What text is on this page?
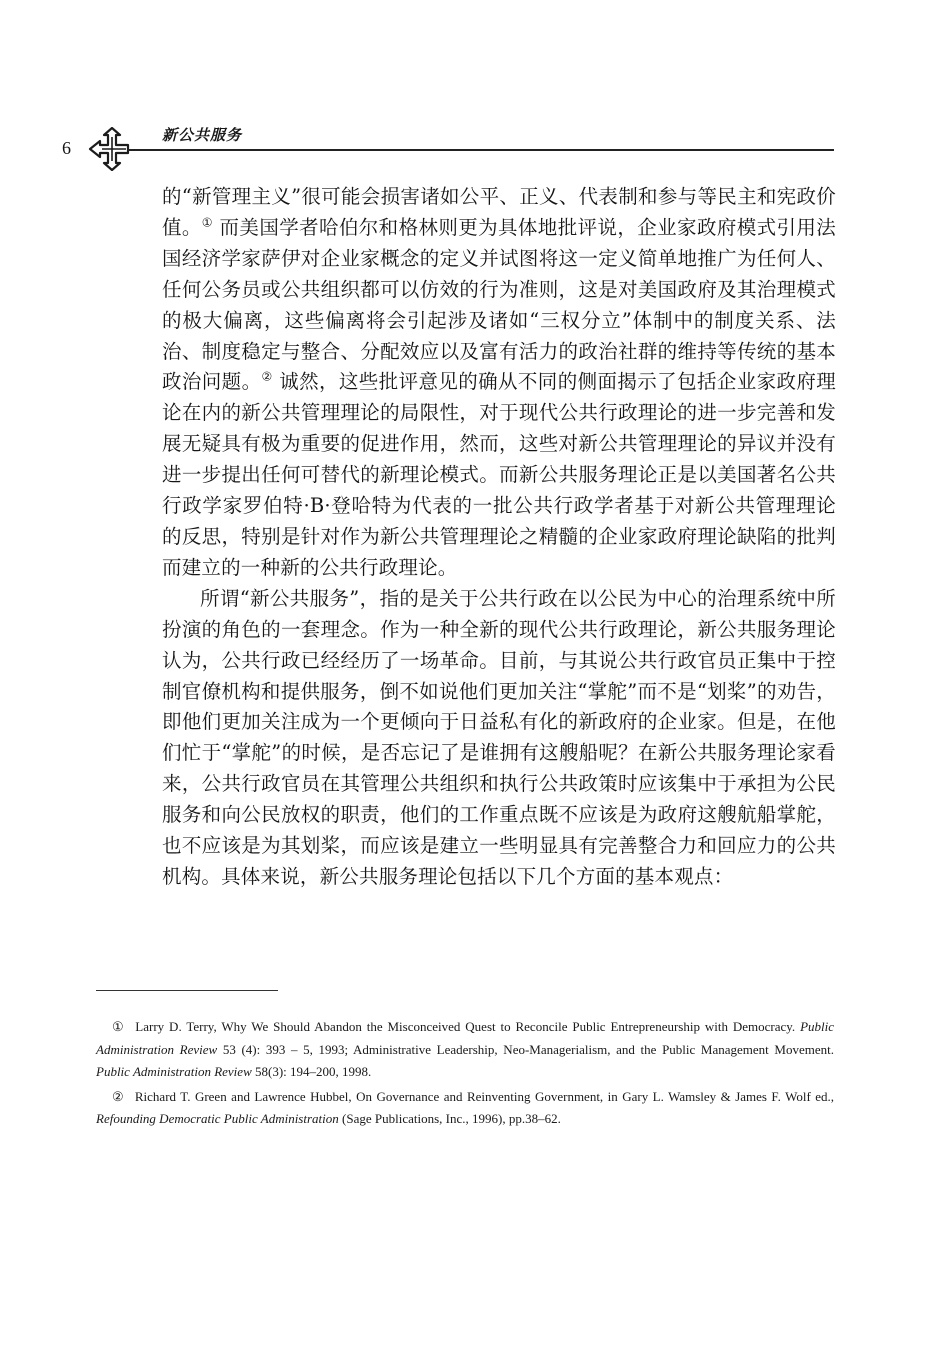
6
新公共服务

的“新管理主义”很可能会损害诸如公平、正义、代表制和参与等民主和宪政价值。① 而美国学者哈伯尔和格林则更为具体地批评说，企业家政府模式引用法国经济学家萨伊对企业家概念的定义并试图将这一定义简单地推广为任何人、任何公务员或公共组织都可以仿效的行为准则，这是对美国政府及其治理模式的极大偏离，这些偏离将会引起涉及诸如“三权分立”体制中的制度关系、法治、制度稳定与整合、分配效应以及富有活力的政治社群的维持等传统的基本政治问题。② 诚然，这些批评意见的确从不同的侧面揭示了包括企业家政府理论在内的新公共管理理论的局限性，对于现代公共行政理论的进一步完善和发展无疑具有极为重要的促进作用，然而，这些对新公共管理理论的异议并没有进一步提出任何可替代的新理论模式。而新公共服务理论正是以美国著名公共行政学家罗伯特·B·登哈特为代表的一批公共行政学者基于对新公共管理理论的反思，特别是针对作为新公共管理理论之精髓的企业家政府理论缺陷的批判而建立的一种新的公共行政理论。

所谓“新公共服务”，指的是关于公共行政在以公民为中心的治理系统中所扮演的角色的一套理念。作为一种全新的现代公共行政理论，新公共服务理论认为，公共行政已经经历了一场革命。目前，与其说公共行政官员正集中于控制官僚机构和提供服务，倒不如说他们更加关注“掌舵”而不是“划桨”的劝告，即他们更加关注成为一个更倾向于日益私有化的新政府的企业家。但是，在他们忙于“掌舵”的时候，是否忘记了是谁拥有这艘船呢？在新公共服务理论家看来，公共行政官员在其管理公共组织和执行公共政策时应该集中于承担为公民服务和向公民放权的职责，他们的工作重点既不应该是为政府这艘航船掌舵，也不应该是为其划桨，而应该是建立一些明显具有完善整合力和回应力的公共机构。具体来说，新公共服务理论包括以下几个方面的基本观点：

① Larry D. Terry, Why We Should Abandon the Misconceived Quest to Reconcile Public Entrepreneurship with Democracy. Public Administration Review 53 (4): 393 – 5, 1993; Administrative Leadership, Neo-Managerialism, and the Public Management Movement. Public Administration Review 58(3): 194–200, 1998.

② Richard T. Green and Lawrence Hubbel, On Governance and Reinventing Government, in Gary L. Wamsley & James F. Wolf ed., Refounding Democratic Public Administration (Sage Publications, Inc., 1996), pp.38–62.
